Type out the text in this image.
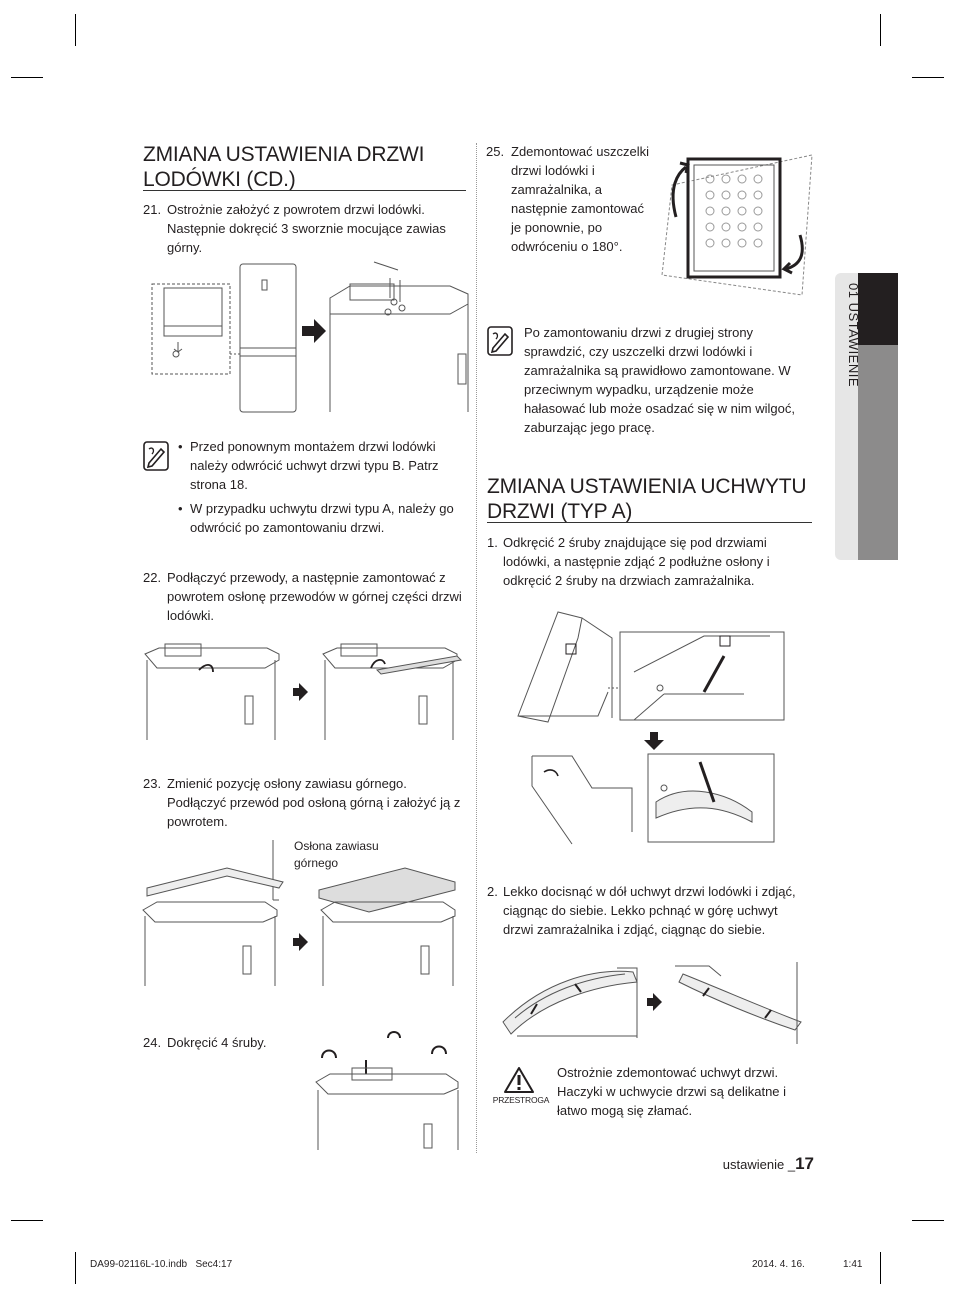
ZMIANA USTAWIENIA DRZWI
LODÓWKI (CD.)
21. Ostrożnie założyć z powrotem drzwi lodówki. Następnie dokręcić 3 sworznie mocujące zawias górny.
• Przed ponownym montażem drzwi lodówki należy odwrócić uchwyt drzwi typu B. Patrz strona 18.
• W przypadku uchwytu drzwi typu A, należy go odwrócić po zamontowaniu drzwi.
22. Podłączyć przewody, a następnie zamontować z powrotem osłonę przewodów w górnej części drzwi lodówki.
23. Zmienić pozycję osłony zawiasu górnego. Podłączyć przewód pod osłoną górną i założyć ją z powrotem.
Osłona zawiasu górnego
24. Dokręcić 4 śruby.
25. Zdemontować uszczelki drzwi lodówki i zamrażalnika, a następnie zamontować je ponownie, po odwróceniu o 180°.
Po zamontowaniu drzwi z drugiej strony sprawdzić, czy uszczelki drzwi lodówki i zamrażalnika są prawidłowo zamontowane. W przeciwnym wypadku, urządzenie może hałasować lub może osadzać się w nim wilgoć, zaburzając jego pracę.
ZMIANA USTAWIENIA UCHWYTU
DRZWI (TYP A)
1. Odkręcić 2 śruby znajdujące się pod drzwiami lodówki, a następnie zdjąć 2 podłużne osłony i odkręcić 2 śruby na drzwiach zamrażalnika.
2. Lekko docisnąć w dół uchwyt drzwi lodówki i zdjąć, ciągnąc do siebie. Lekko pchnąć w górę uchwyt drzwi zamrażalnika i zdjąć, ciągnąc do siebie.
PRZESTROGA
Ostrożnie zdemontować uchwyt drzwi. Haczyki w uchwycie drzwi są delikatne i łatwo mogą się złamać.
01 USTAWIENIE
ustawienie _17
DA99-02116L-10.indb   Sec4:17	2014. 4. 16.	1:41
